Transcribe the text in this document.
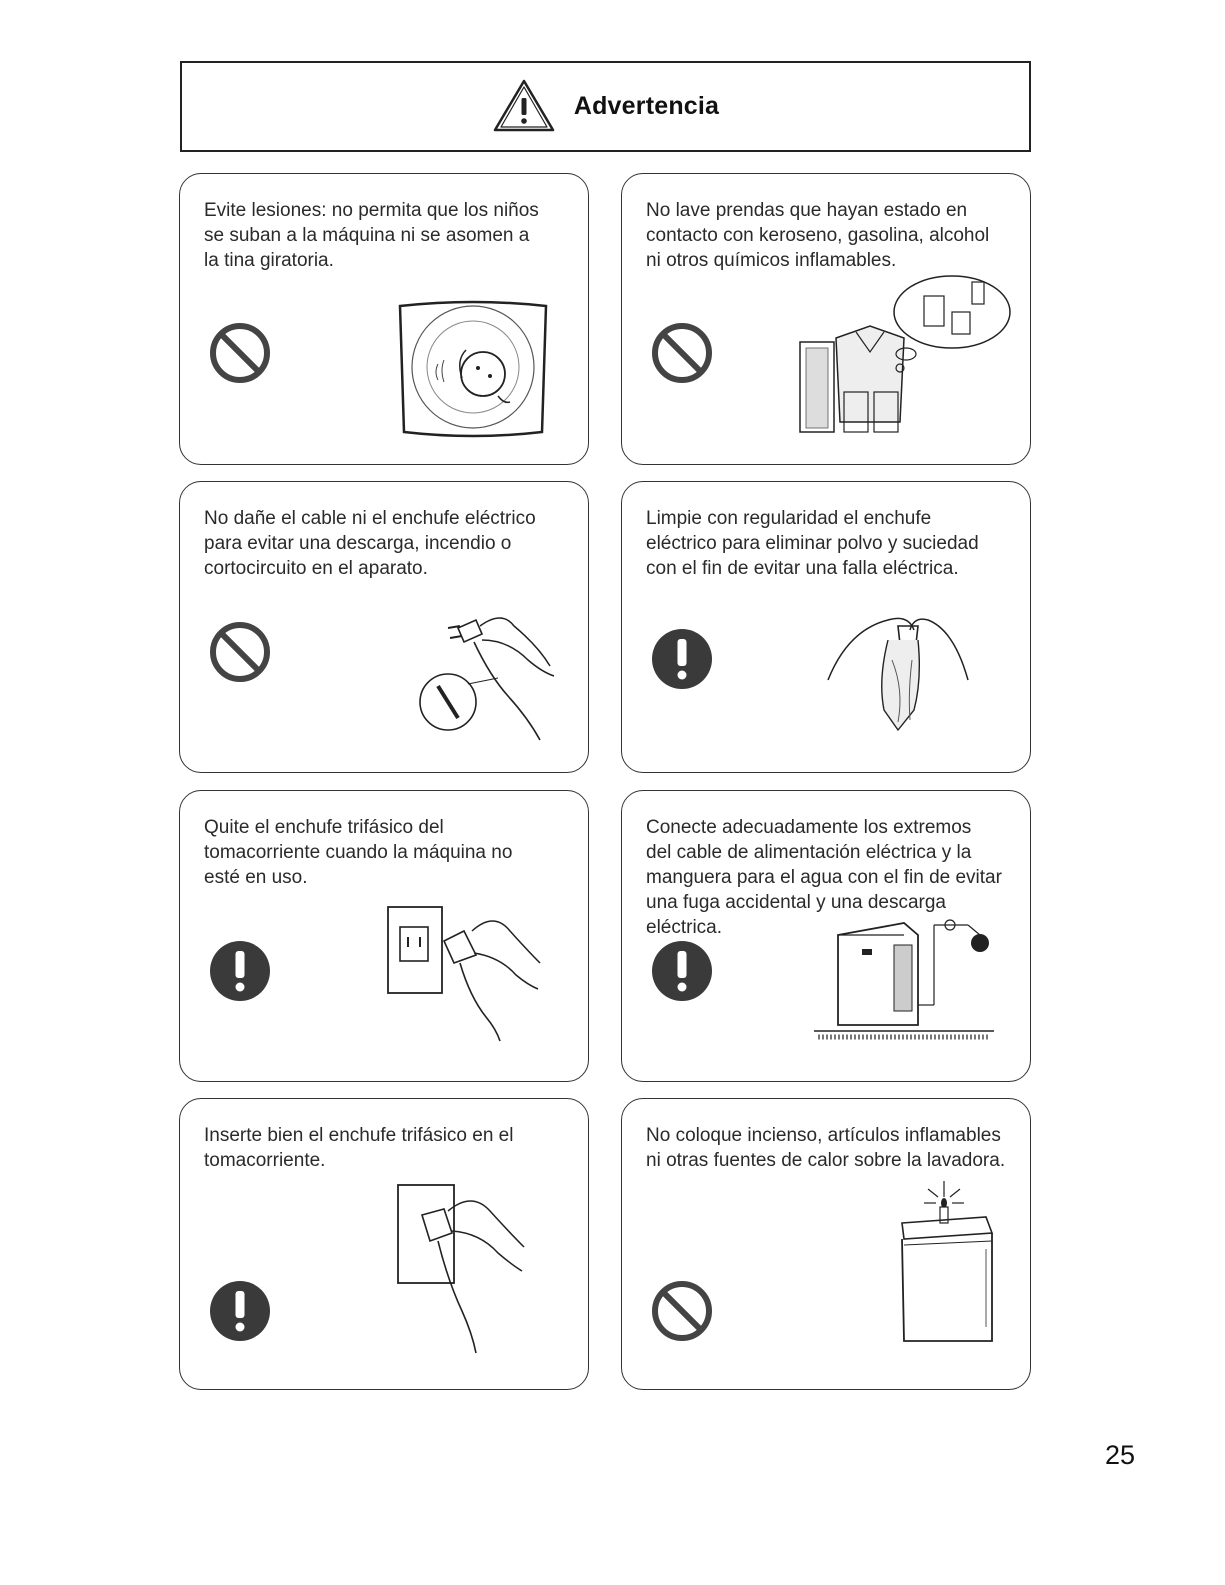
Advertencia

Evite lesiones: no permita que los niños
se suban a la máquina ni se asomen a
la tina giratoria.

No lave prendas que hayan estado en
contacto con keroseno, gasolina, alcohol
ni otros químicos inflamables.

No dañe el cable ni el enchufe eléctrico
para evitar una descarga, incendio o
cortocircuito en el aparato.

Limpie con regularidad el enchufe
eléctrico para eliminar polvo y suciedad
con el fin de evitar una falla eléctrica.

Quite el enchufe trifásico del
tomacorriente cuando la máquina no
esté en uso.

Conecte adecuadamente los extremos
del cable de alimentación eléctrica y la
manguera para el agua con el fin de evitar
una fuga accidental y una descarga
eléctrica.

Inserte bien el enchufe trifásico en el
tomacorriente.

No coloque incienso, artículos inflamables
ni otras fuentes de calor sobre la lavadora.

25
